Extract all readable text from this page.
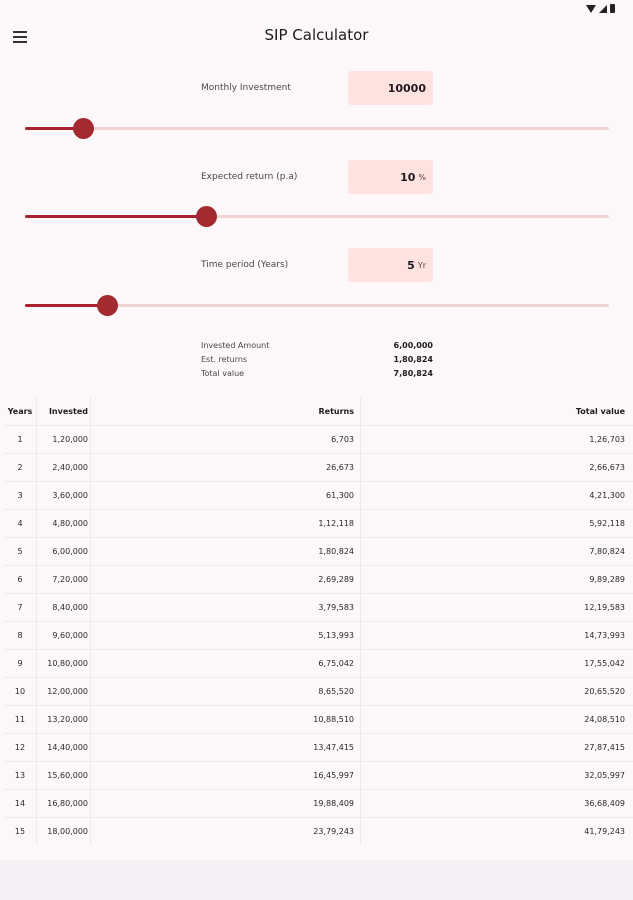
SIP Calculator
Monthly Investment	10000
Expected return (p.a)	10 %
Time period (Years)	5 Yr
Invested Amount	6,00,000
Est. returns	1,80,824
Total value	7,80,824
Years	Invested	Returns	Total value
1	1,20,000	6,703	1,26,703
2	2,40,000	26,673	2,66,673
3	3,60,000	61,300	4,21,300
4	4,80,000	1,12,118	5,92,118
5	6,00,000	1,80,824	7,80,824
6	7,20,000	2,69,289	9,89,289
7	8,40,000	3,79,583	12,19,583
8	9,60,000	5,13,993	14,73,993
9	10,80,000	6,75,042	17,55,042
10	12,00,000	8,65,520	20,65,520
11	13,20,000	10,88,510	24,08,510
12	14,40,000	13,47,415	27,87,415
13	15,60,000	16,45,997	32,05,997
14	16,80,000	19,88,409	36,68,409
15	18,00,000	23,79,243	41,79,243
